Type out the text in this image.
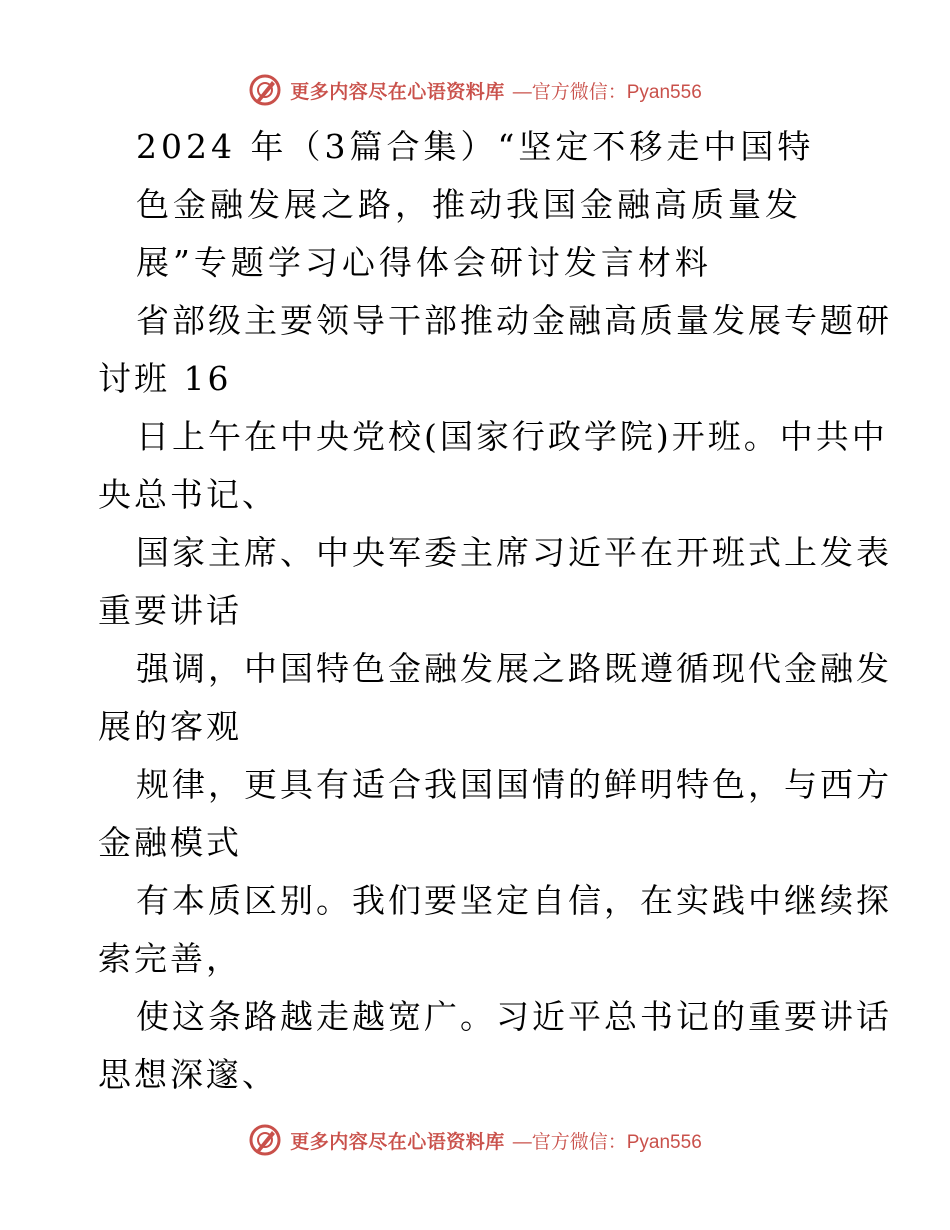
更多内容尽在心语资料库 —官方微信：Pyan556
2024 年（3篇合集）“坚定不移走中国特
色金融发展之路，推动我国金融高质量发
展”专题学习心得体会研讨发言材料

省部级主要领导干部推动金融高质量发展专题研
讨班 16

日上午在中央党校(国家行政学院)开班。中共中
央总书记、

国家主席、中央军委主席习近平在开班式上发表
重要讲话

强调，中国特色金融发展之路既遵循现代金融发
展的客观

规律，更具有适合我国国情的鲜明特色，与西方
金融模式

有本质区别。我们要坚定自信，在实践中继续探
索完善，

使这条路越走越宽广。习近平总书记的重要讲话
思想深邃、

更多内容尽在心语资料库 —官方微信：Pyan556
